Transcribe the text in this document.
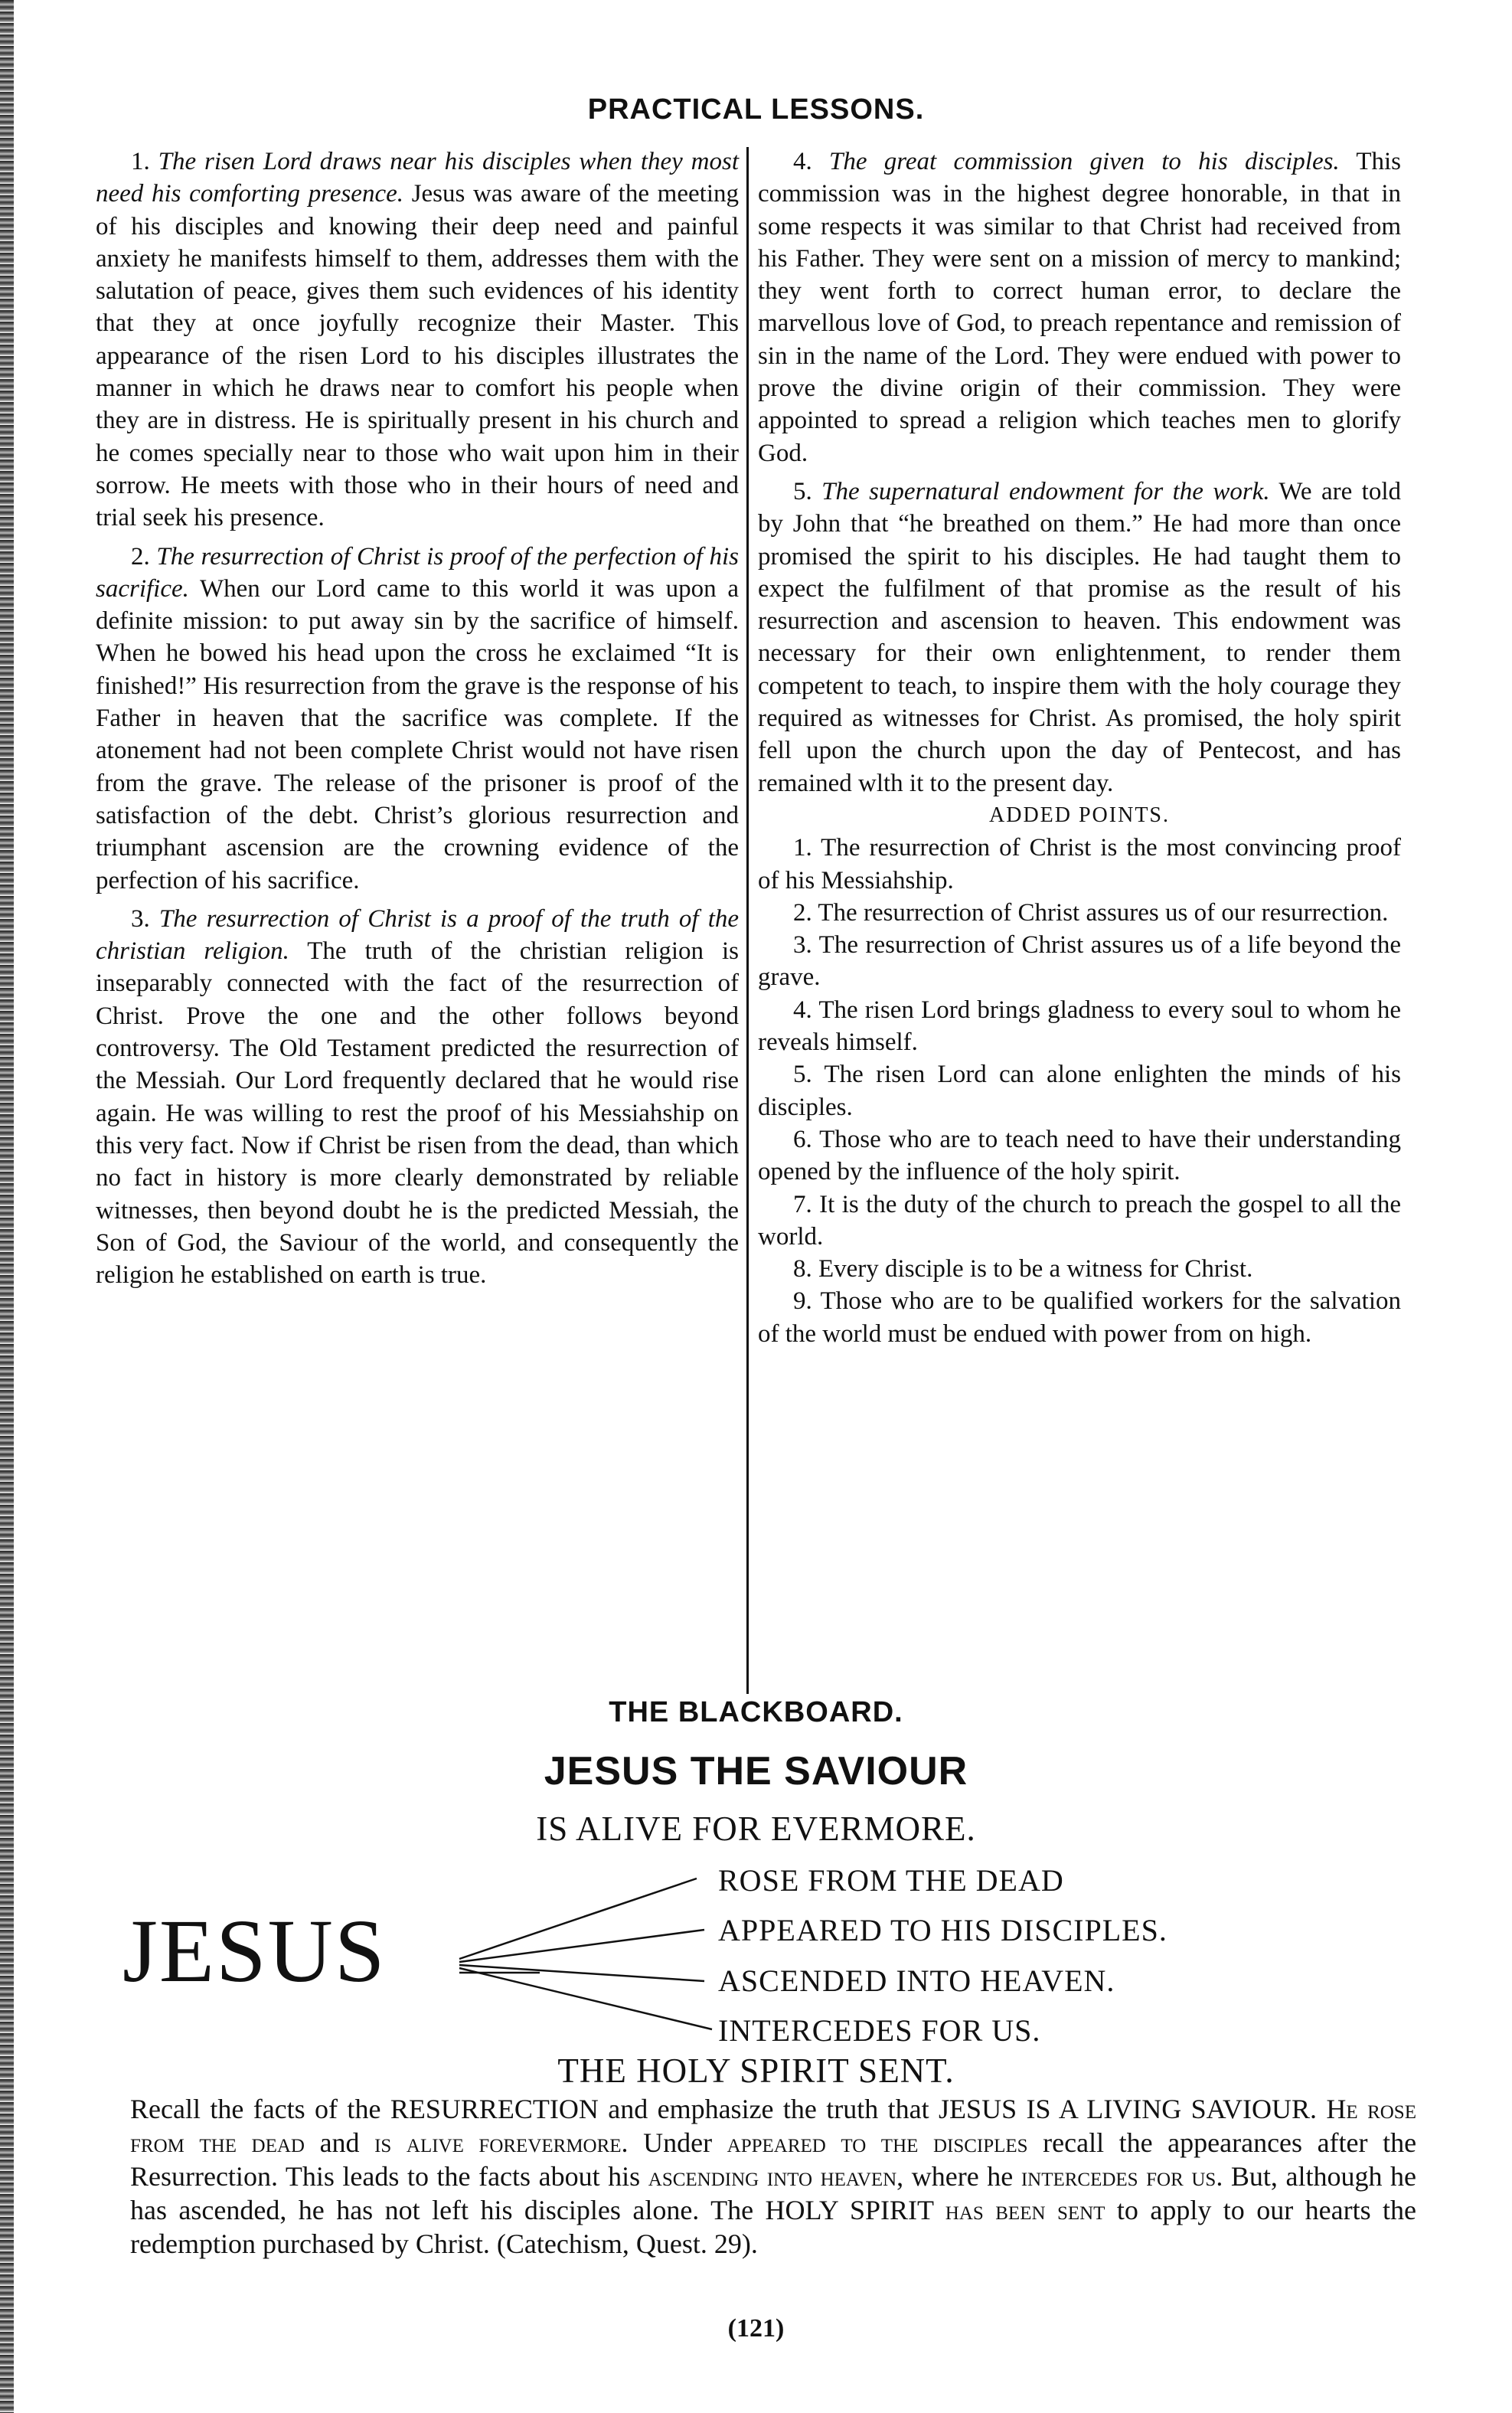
PRACTICAL LESSONS.

1. The risen Lord draws near his disciples when they most need his comforting presence. Jesus was aware of the meeting of his disciples and knowing their deep need and painful anxiety he manifests himself to them, addresses them with the salutation of peace, gives them such evidences of his identity that they at once joyfully recognize their Master. This appearance of the risen Lord to his disciples illustrates the manner in which he draws near to comfort his people when they are in distress. He is spiritually present in his church and he comes specially near to those who wait upon him in their sorrow. He meets with those who in their hours of need and trial seek his presence.

2. The resurrection of Christ is proof of the perfection of his sacrifice. When our Lord came to this world it was upon a definite mission: to put away sin by the sacrifice of himself. When he bowed his head upon the cross he exclaimed “It is finished!” His resurrection from the grave is the response of his Father in heaven that the sacrifice was complete. If the atonement had not been complete Christ would not have risen from the grave. The release of the prisoner is proof of the satisfaction of the debt. Christ’s glorious resurrection and triumphant ascension are the crowning evidence of the perfection of his sacrifice.

3. The resurrection of Christ is a proof of the truth of the christian religion. The truth of the christian religion is inseparably connected with the fact of the resurrection of Christ. Prove the one and the other follows beyond controversy. The Old Testament predicted the resurrection of the Messiah. Our Lord frequently declared that he would rise again. He was willing to rest the proof of his Messiahship on this very fact. Now if Christ be risen from the dead, than which no fact in history is more clearly demonstrated by reliable witnesses, then beyond doubt he is the predicted Messiah, the Son of God, the Saviour of the world, and consequently the religion he established on earth is true.

4. The great commission given to his disciples. This commission was in the highest degree honorable, in that in some respects it was similar to that Christ had received from his Father. They were sent on a mission of mercy to mankind; they went forth to correct human error, to declare the marvellous love of God, to preach repentance and remission of sin in the name of the Lord. They were endued with power to prove the divine origin of their commission. They were appointed to spread a religion which teaches men to glorify God.

5. The supernatural endowment for the work. We are told by John that “he breathed on them.” He had more than once promised the spirit to his disciples. He had taught them to expect the fulfilment of that promise as the result of his resurrection and ascension to heaven. This endowment was necessary for their own enlightenment, to render them competent to teach, to inspire them with the holy courage they required as witnesses for Christ. As promised, the holy spirit fell upon the church upon the day of Pentecost, and has remained wlth it to the present day.

ADDED POINTS.

1. The resurrection of Christ is the most convincing proof of his Messiahship.

2. The resurrection of Christ assures us of our resurrection.

3. The resurrection of Christ assures us of a life beyond the grave.

4. The risen Lord brings gladness to every soul to whom he reveals himself.

5. The risen Lord can alone enlighten the minds of his disciples.

6. Those who are to teach need to have their understanding opened by the influence of the holy spirit.

7. It is the duty of the church to preach the gospel to all the world.

8. Every disciple is to be a witness for Christ.

9. Those who are to be qualified workers for the salvation of the world must be endued with power from on high.

THE BLACKBOARD.
JESUS THE SAVIOUR
IS ALIVE FOR EVERMORE.
JESUS
ROSE FROM THE DEAD
APPEARED TO HIS DISCIPLES.
ASCENDED INTO HEAVEN.
INTERCEDES FOR US.
THE HOLY SPIRIT SENT.
Recall the facts of the RESURRECTION and emphasize the truth that JESUS IS A LIVING SAVIOUR. He rose from the dead and is alive forevermore. Under appeared to the disciples recall the appearances after the Resurrection. This leads to the facts about his ascending into heaven, where he intercedes for us. But, although he has ascended, he has not left his disciples alone. The HOLY SPIRIT has been sent to apply to our hearts the redemption purchased by Christ. (Catechism, Quest. 29).
(121)
